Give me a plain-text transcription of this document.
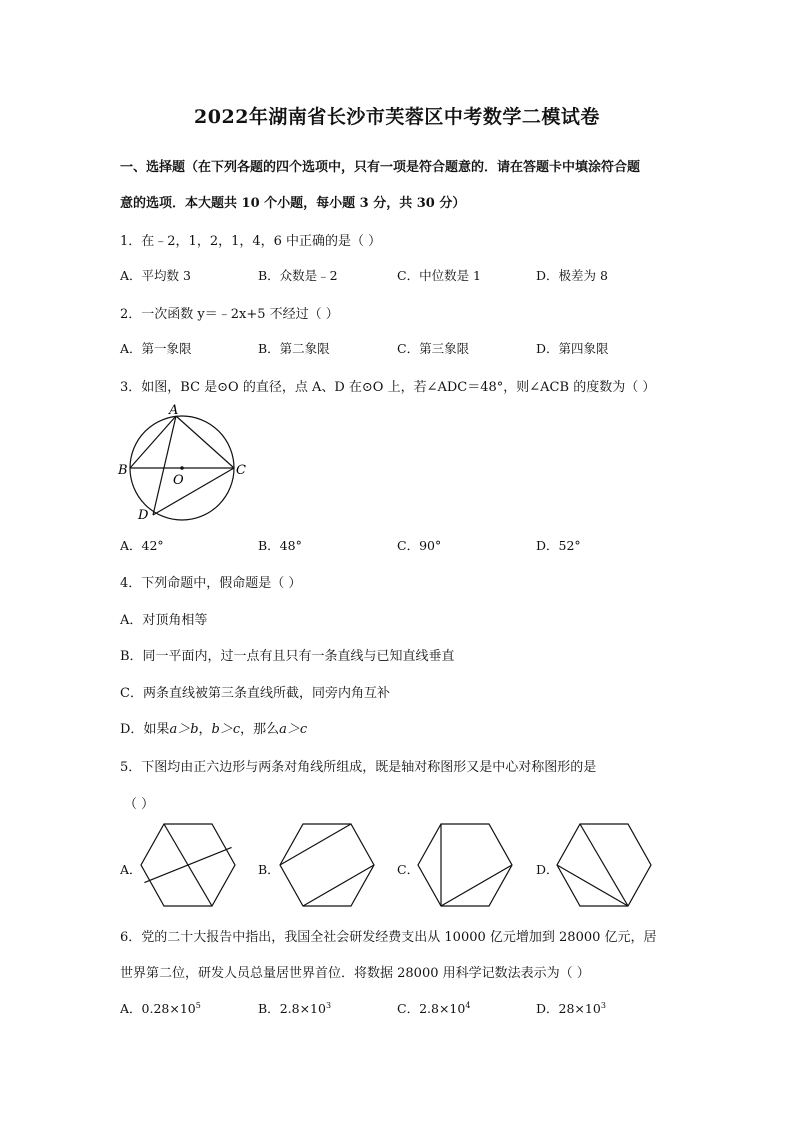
2022年湖南省长沙市芙蓉区中考数学二模试卷
一、选择题（在下列各题的四个选项中，只有一项是符合题意的．请在答题卡中填涂符合题
意的选项．本大题共 10 个小题，每小题 3 分，共 30 分）
1．在﹣2，1，2，1，4，6 中正确的是（ ）
A．平均数 3	B．众数是﹣2	C．中位数是 1	D．极差为 8
2．一次函数 y＝﹣2x+5 不经过（ ）
A．第一象限	B．第二象限	C．第三象限	D．第四象限
3．如图，BC 是⊙O 的直径，点 A、D 在⊙O 上，若∠ADC＝48°，则∠ACB 的度数为（ ）
A
B	C
D
O
A．42°	B．48°	C．90°	D．52°
4．下列命题中，假命题是（ ）
A．对顶角相等
B．同一平面内，过一点有且只有一条直线与已知直线垂直
C．两条直线被第三条直线所截，同旁内角互补
D．如果a＞b，b＞c，那么a＞c
5．下图均由正六边形与两条对角线所组成，既是轴对称图形又是中心对称图形的是
（ ）
A．	B．	C．	D．
6．党的二十大报告中指出，我国全社会研发经费支出从 10000 亿元增加到 28000 亿元，居
世界第二位，研发人员总量居世界首位．将数据 28000 用科学记数法表示为（ ）
A．$0.28\times 10^5$	B．$2.8\times 10^3$	C．$2.8\times 10^4$	D．$28\times 10^3$
